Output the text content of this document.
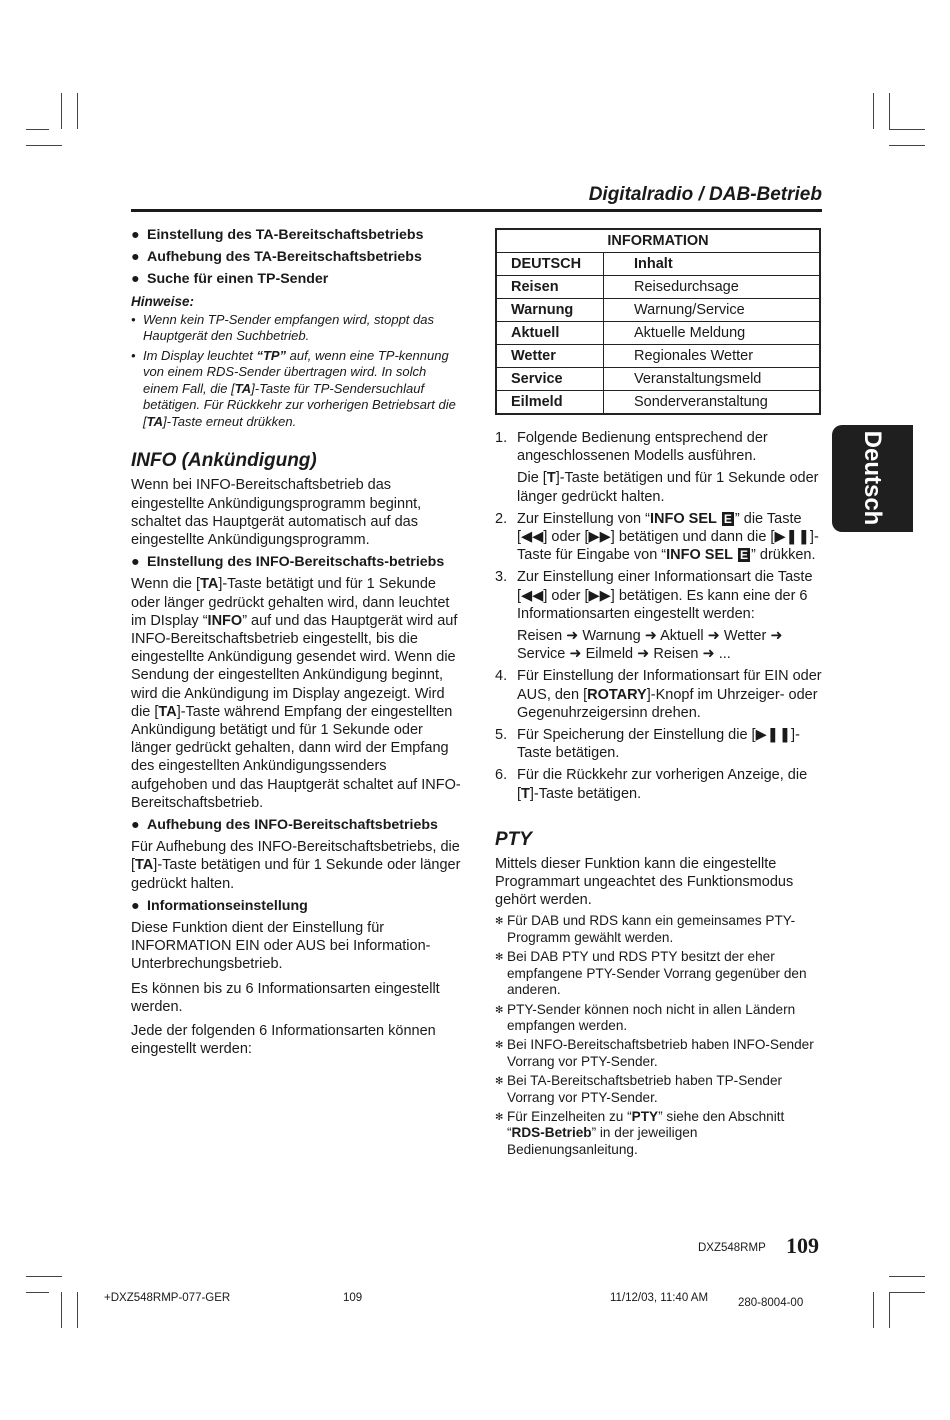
Digitalradio / DAB-Betrieb
Deutsch
● Einstellung des TA-Bereitschaftsbetriebs
● Aufhebung des TA-Bereitschaftsbetriebs
● Suche für einen TP-Sender
Hinweise:
• Wenn kein TP-Sender empfangen wird, stoppt das Hauptgerät den Suchbetrieb.
• Im Display leuchtet “TP” auf, wenn eine TP-kennung von einem RDS-Sender übertragen wird. In solch einem Fall, die [TA]-Taste für TP-Sendersuchlauf betätigen. Für Rückkehr zur vorherigen Betriebsart die [TA]-Taste erneut drükken.
INFO (Ankündigung)

Wenn bei INFO-Bereitschaftsbetrieb das eingestellte Ankündigungsprogramm beginnt, schaltet das Hauptgerät automatisch auf das eingestellte Ankündigungsprogramm.

● EInstellung des INFO-Bereitschafts-betriebs

Wenn die [TA]-Taste betätigt und für 1 Sekunde oder länger gedrückt gehalten wird, dann leuchtet im DIsplay “INFO” auf und das Hauptgerät wird auf INFO-Bereitschaftsbetrieb eingestellt, bis die eingestellte Ankündigung gesendet wird. Wenn die Sendung der eingestellten Ankündigung beginnt, wird die Ankündigung im Display angezeigt. Wird die [TA]-Taste während Empfang der eingestellten Ankündigung betätigt und für 1 Sekunde oder länger gedrückt gehalten, dann wird der Empfang des eingestellten Ankündigungssenders aufgehoben und das Hauptgerät schaltet auf INFO-Bereitschaftsbetrieb.

● Aufhebung des INFO-Bereitschaftsbetriebs

Für Aufhebung des INFO-Bereitschaftsbetriebs, die [TA]-Taste betätigen und für 1 Sekunde oder länger gedrückt halten.

● Informationseinstellung

Diese Funktion dient der Einstellung für INFORMATION EIN oder AUS bei Information-Unterbrechungsbetrieb.

Es können bis zu 6 Informationsarten eingestellt werden.

Jede der folgenden 6 Informationsarten können eingestellt werden:

INFORMATION	
DEUTSCH	Inhalt
Reisen	Reisedurchsage
Warnung	Warnung/Service
Aktuell	Aktuelle Meldung
Wetter	Regionales Wetter
Service	Veranstaltungsmeld
Eilmeld	Sonderveranstaltung
1. Folgende Bedienung entsprechend der angeschlossenen Modells ausführen.
Die [T]-Taste betätigen und für 1 Sekunde oder länger gedrückt halten.
2. Zur Einstellung von “INFO SEL E ” die Taste [◀◀] oder [▶▶] betätigen und dann die [▶❚❚]-Taste für Eingabe von “INFO SEL E ” drükken.
3. Zur Einstellung einer Informationsart die Taste [◀◀] oder [▶▶] betätigen. Es kann eine der 6 Informationsarten eingestellt werden:
Reisen ➜ Warnung ➜ Aktuell ➜ Wetter ➜ Service ➜ Eilmeld ➜ Reisen ➜ ...
4. Für Einstellung der Informationsart für EIN oder AUS, den [ROTARY]-Knopf im Uhrzeiger- oder Gegenuhrzeigersinn drehen.
5. Für Speicherung der Einstellung die [▶❚❚]-Taste betätigen.
6. Für die Rückkehr zur vorherigen Anzeige, die [T]-Taste betätigen.
PTY

Mittels dieser Funktion kann die eingestellte Programmart ungeachtet des Funktionsmodus gehört werden.

✻ Für DAB und RDS kann ein gemeinsames PTY-Programm gewählt werden.
✻ Bei DAB PTY und RDS PTY besitzt der eher empfangene PTY-Sender Vorrang gegenüber den anderen.
✻ PTY-Sender können noch nicht in allen Ländern empfangen werden.
✻ Bei INFO-Bereitschaftsbetrieb haben INFO-Sender Vorrang vor PTY-Sender.
✻ Bei TA-Bereitschaftsbetrieb haben TP-Sender Vorrang vor PTY-Sender.
✻ Für Einzelheiten zu “PTY” siehe den Abschnitt “RDS-Betrieb” in der jeweiligen Bedienungsanleitung.
DXZ548RMP 109
+DXZ548RMP-077-GER	109	11/12/03, 11:40 AM	280-8004-00
